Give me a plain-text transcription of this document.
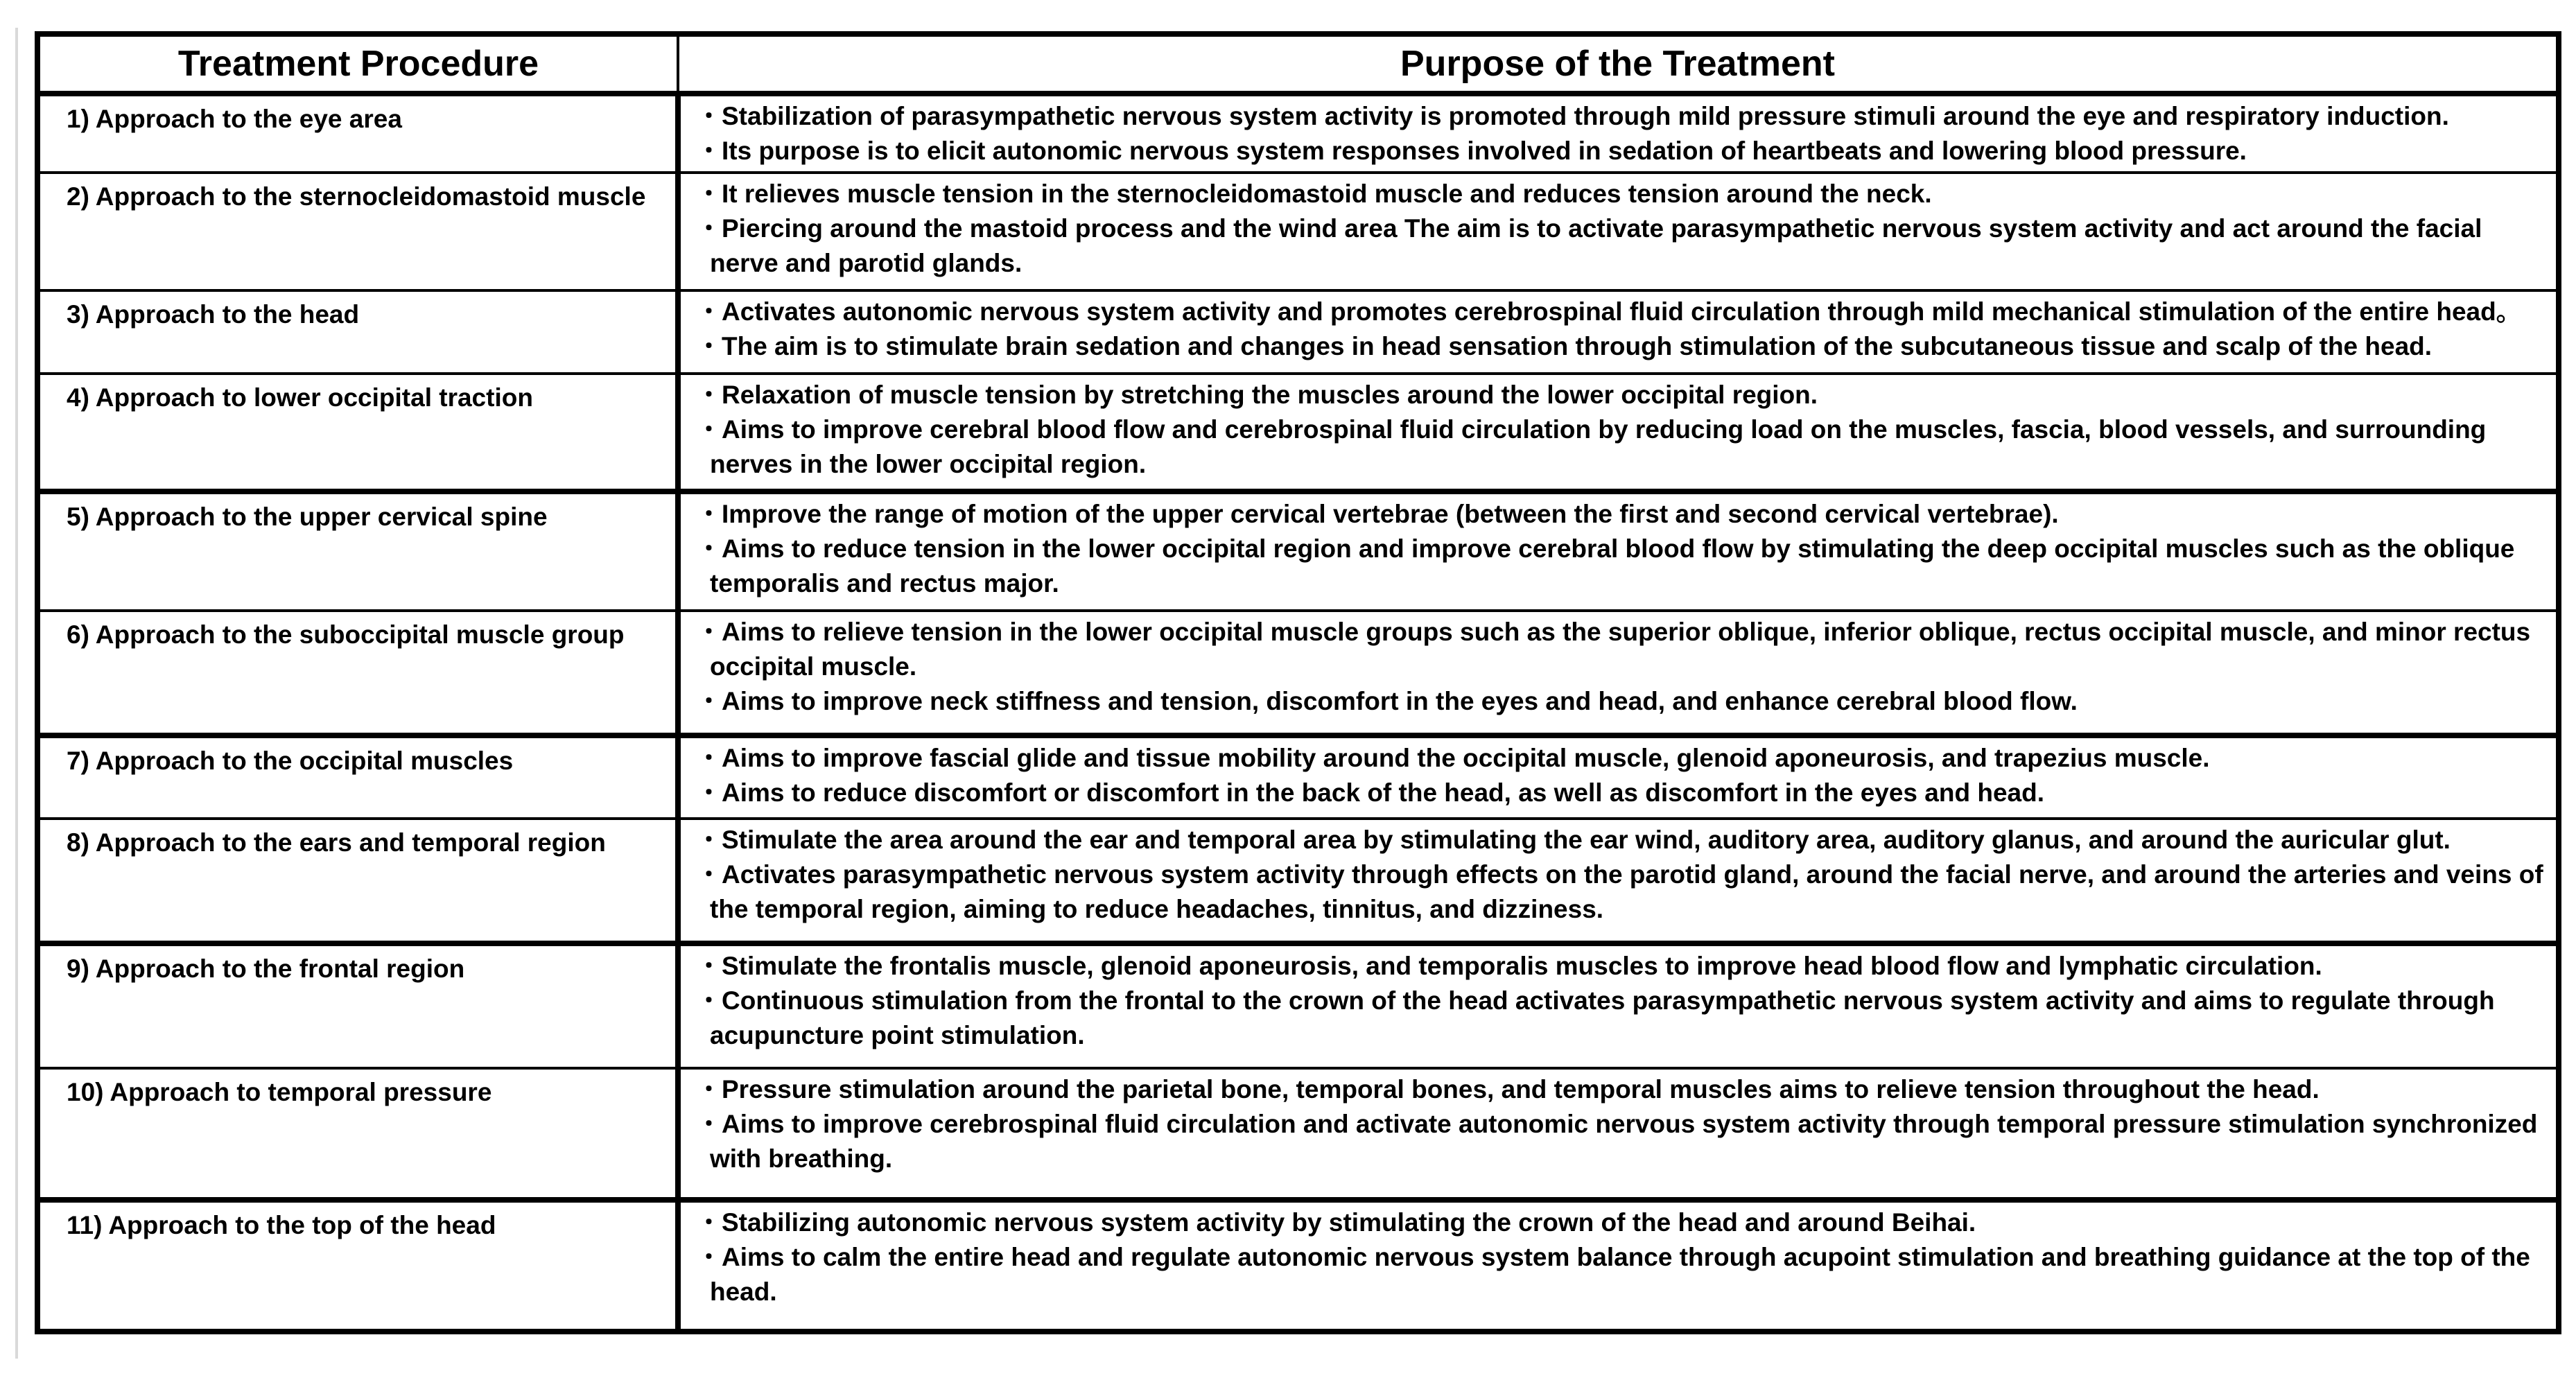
Treatment Procedure	Purpose of the Treatment
1) Approach to the eye area	・Stabilization of parasympathetic nervous system activity is promoted through mild pressure stimuli around the eye and respiratory induction.
・Its purpose is to elicit autonomic nervous system responses involved in sedation of heartbeats and lowering blood pressure.

2) Approach to the sternocleidomastoid muscle	・It relieves muscle tension in the sternocleidomastoid muscle and reduces tension around the neck.
・Piercing around the mastoid process and the wind area The aim is to activate parasympathetic nervous system activity and act around the facial nerve and parotid glands.

3) Approach to the head	・Activates autonomic nervous system activity and promotes cerebrospinal fluid circulation through mild mechanical stimulation of the entire head。
・The aim is to stimulate brain sedation and changes in head sensation through stimulation of the subcutaneous tissue and scalp of the head.

4) Approach to lower occipital traction	・Relaxation of muscle tension by stretching the muscles around the lower occipital region.
・Aims to improve cerebral blood flow and cerebrospinal fluid circulation by reducing load on the muscles, fascia, blood vessels, and surrounding nerves in the lower occipital region.

5) Approach to the upper cervical spine	・Improve the range of motion of the upper cervical vertebrae (between the first and second cervical vertebrae).
・Aims to reduce tension in the lower occipital region and improve cerebral blood flow by stimulating the deep occipital muscles such as the oblique temporalis and rectus major.

6) Approach to the suboccipital muscle group	・Aims to relieve tension in the lower occipital muscle groups such as the superior oblique, inferior oblique, rectus occipital muscle, and minor rectus occipital muscle.
・Aims to improve neck stiffness and tension, discomfort in the eyes and head, and enhance cerebral blood flow.

7) Approach to the occipital muscles	・Aims to improve fascial glide and tissue mobility around the occipital muscle, glenoid aponeurosis, and trapezius muscle.
・Aims to reduce discomfort or discomfort in the back of the head, as well as discomfort in the eyes and head.

8) Approach to the ears and temporal region	・Stimulate the area around the ear and temporal area by stimulating the ear wind, auditory area, auditory glanus, and around the auricular glut.
・Activates parasympathetic nervous system activity through effects on the parotid gland, around the facial nerve, and around the arteries and veins of the temporal region, aiming to reduce headaches, tinnitus, and dizziness.

9) Approach to the frontal region	・Stimulate the frontalis muscle, glenoid aponeurosis, and temporalis muscles to improve head blood flow and lymphatic circulation.
・Continuous stimulation from the frontal to the crown of the head activates parasympathetic nervous system activity and aims to regulate through acupuncture point stimulation.

10) Approach to temporal pressure	・Pressure stimulation around the parietal bone, temporal bones, and temporal muscles aims to relieve tension throughout the head.
・Aims to improve cerebrospinal fluid circulation and activate autonomic nervous system activity through temporal pressure stimulation synchronized with breathing.

11) Approach to the top of the head	・Stabilizing autonomic nervous system activity by stimulating the crown of the head and around Beihai.
・Aims to calm the entire head and regulate autonomic nervous system balance through acupoint stimulation and breathing guidance at the top of the head.
